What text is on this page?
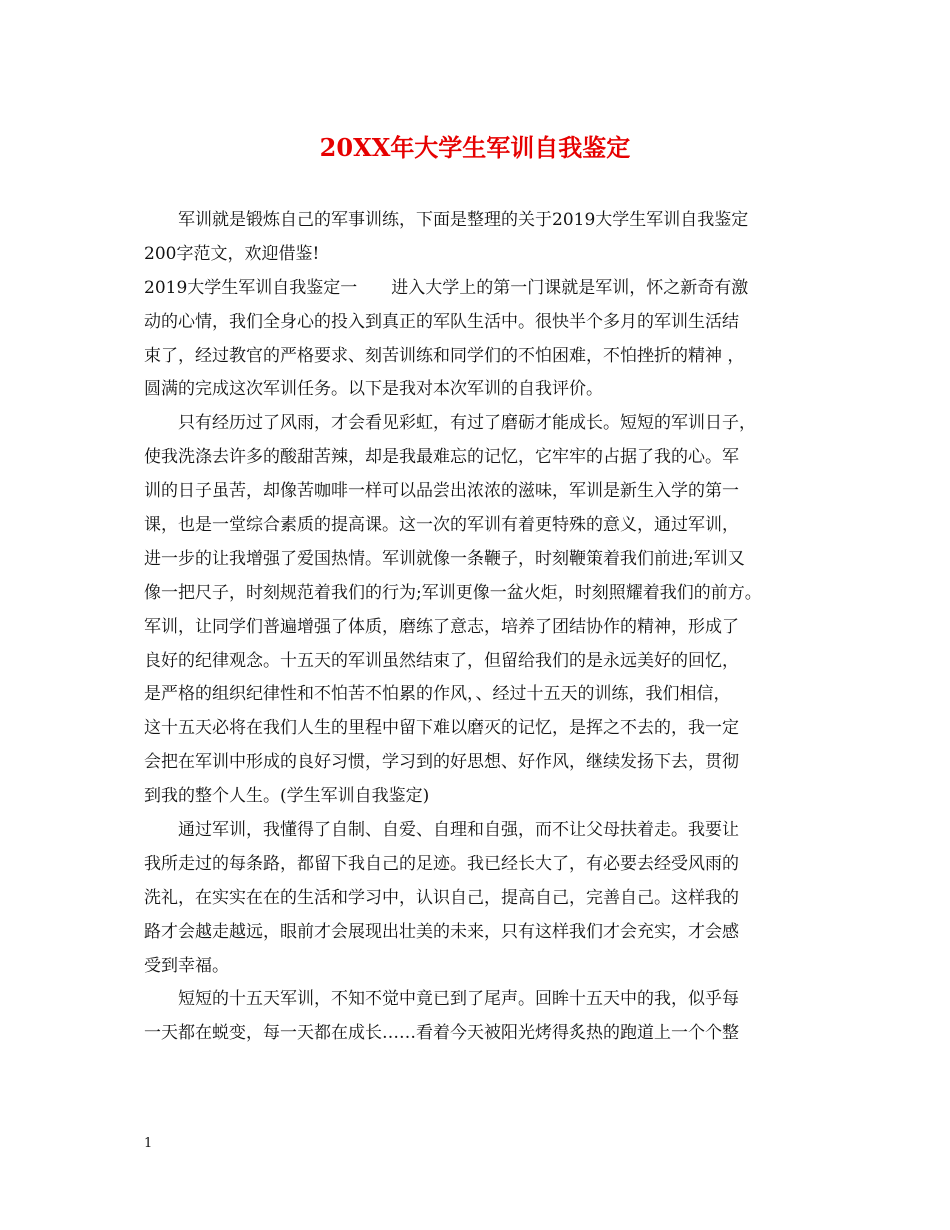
20XX年大学生军训自我鉴定
军训就是锻炼自己的军事训练，下面是整理的关于2019大学生军训自我鉴定
200字范文，欢迎借鉴!
2019大学生军训自我鉴定一　　进入大学上的第一门课就是军训，怀之新奇有激
动的心情，我们全身心的投入到真正的军队生活中。很快半个多月的军训生活结
束了，经过教官的严格要求、刻苦训练和同学们的不怕困难，不怕挫折的精神 ，
圆满的完成这次军训任务。以下是我对本次军训的自我评价。
只有经历过了风雨，才会看见彩虹，有过了磨砺才能成长。短短的军训日子，
使我洗涤去许多的酸甜苦辣，却是我最难忘的记忆，它牢牢的占据了我的心。军
训的日子虽苦，却像苦咖啡一样可以品尝出浓浓的滋味，军训是新生入学的第一
课，也是一堂综合素质的提高课。这一次的军训有着更特殊的意义，通过军训，
进一步的让我增强了爱国热情。军训就像一条鞭子，时刻鞭策着我们前进;军训又
像一把尺子，时刻规范着我们的行为;军训更像一盆火炬，时刻照耀着我们的前方。
军训，让同学们普遍增强了体质，磨练了意志，培养了团结协作的精神，形成了
良好的纪律观念。十五天的军训虽然结束了，但留给我们的是永远美好的回忆，
是严格的组织纪律性和不怕苦不怕累的作风，、经过十五天的训练，我们相信，
这十五天必将在我们人生的里程中留下难以磨灭的记忆，是挥之不去的，我一定
会把在军训中形成的良好习惯，学习到的好思想、好作风，继续发扬下去，贯彻
到我的整个人生。(学生军训自我鉴定)
通过军训，我懂得了自制、自爱、自理和自强，而不让父母扶着走。我要让
我所走过的每条路，都留下我自己的足迹。我已经长大了，有必要去经受风雨的
洗礼，在实实在在的生活和学习中，认识自己，提高自己，完善自己。这样我的
路才会越走越远，眼前才会展现出壮美的未来，只有这样我们才会充实，才会感
受到幸福。
短短的十五天军训，不知不觉中竟已到了尾声。回眸十五天中的我，似乎每
一天都在蜕变，每一天都在成长……看着今天被阳光烤得炙热的跑道上一个个整
1
